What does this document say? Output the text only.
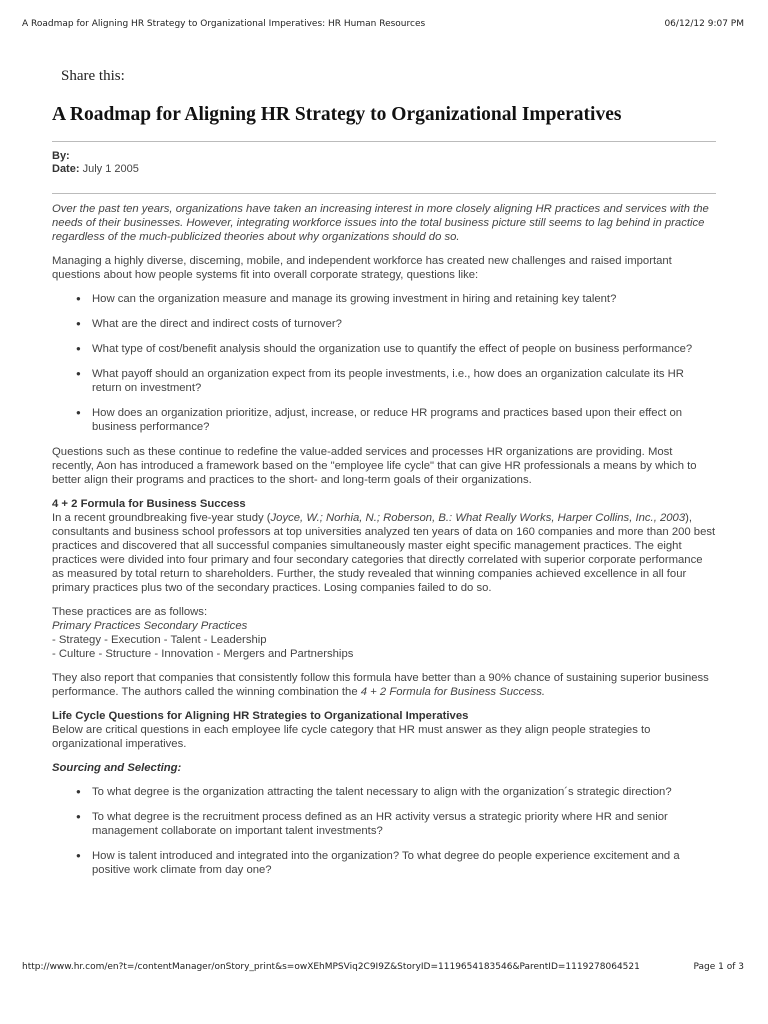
A Roadmap for Aligning HR Strategy to Organizational Imperatives: HR Human Resources	06/12/12 9:07 PM
Share this:
A Roadmap for Aligning HR Strategy to Organizational Imperatives
By:
Date: July 1 2005

Over the past ten years, organizations have taken an increasing interest in more closely aligning HR practices and services with the needs of their businesses. However, integrating workforce issues into the total business picture still seems to lag behind in practice regardless of the much-publicized theories about why organizations should do so.

Managing a highly diverse, disceming, mobile, and independent workforce has created new challenges and raised important questions about how people systems fit into overall corporate strategy, questions like:

● How can the organization measure and manage its growing investment in hiring and retaining key talent?
● What are the direct and indirect costs of turnover?
● What type of cost/benefit analysis should the organization use to quantify the effect of people on business performance?
● What payoff should an organization expect from its people investments, i.e., how does an organization calculate its HR return on investment?
● How does an organization prioritize, adjust, increase, or reduce HR programs and practices based upon their effect on business performance?

Questions such as these continue to redefine the value-added services and processes HR organizations are providing. Most recently, Aon has introduced a framework based on the "employee life cycle" that can give HR professionals a means by which to better align their programs and practices to the short- and long-term goals of their organizations.

4 + 2 Formula for Business Success
In a recent groundbreaking five-year study (Joyce, W.; Norhia, N.; Roberson, B.: What Really Works, Harper Collins, Inc., 2003), consultants and business school professors at top universities analyzed ten years of data on 160 companies and more than 200 best practices and discovered that all successful companies simultaneously master eight specific management practices. The eight practices were divided into four primary and four secondary categories that directly correlated with superior corporate performance as measured by total return to shareholders. Further, the study revealed that winning companies achieved excellence in all four primary practices plus two of the secondary practices. Losing companies failed to do so.

These practices are as follows:
Primary Practices Secondary Practices
- Strategy - Execution - Talent - Leadership
- Culture - Structure - Innovation - Mergers and Partnerships

They also report that companies that consistently follow this formula have better than a 90% chance of sustaining superior business performance. The authors called the winning combination the 4 + 2 Formula for Business Success.

Life Cycle Questions for Aligning HR Strategies to Organizational Imperatives
Below are critical questions in each employee life cycle category that HR must answer as they align people strategies to organizational imperatives.

Sourcing and Selecting:
● To what degree is the organization attracting the talent necessary to align with the organization´s strategic direction?
● To what degree is the recruitment process defined as an HR activity versus a strategic priority where HR and senior management collaborate on important talent investments?
● How is talent introduced and integrated into the organization? To what degree do people experience excitement and a positive work climate from day one?
http://www.hr.com/en?t=/contentManager/onStory_print&s=owXEhMPSViq2C9I9Z&StoryID=1119654183546&ParentID=1119278064521	Page 1 of 3
